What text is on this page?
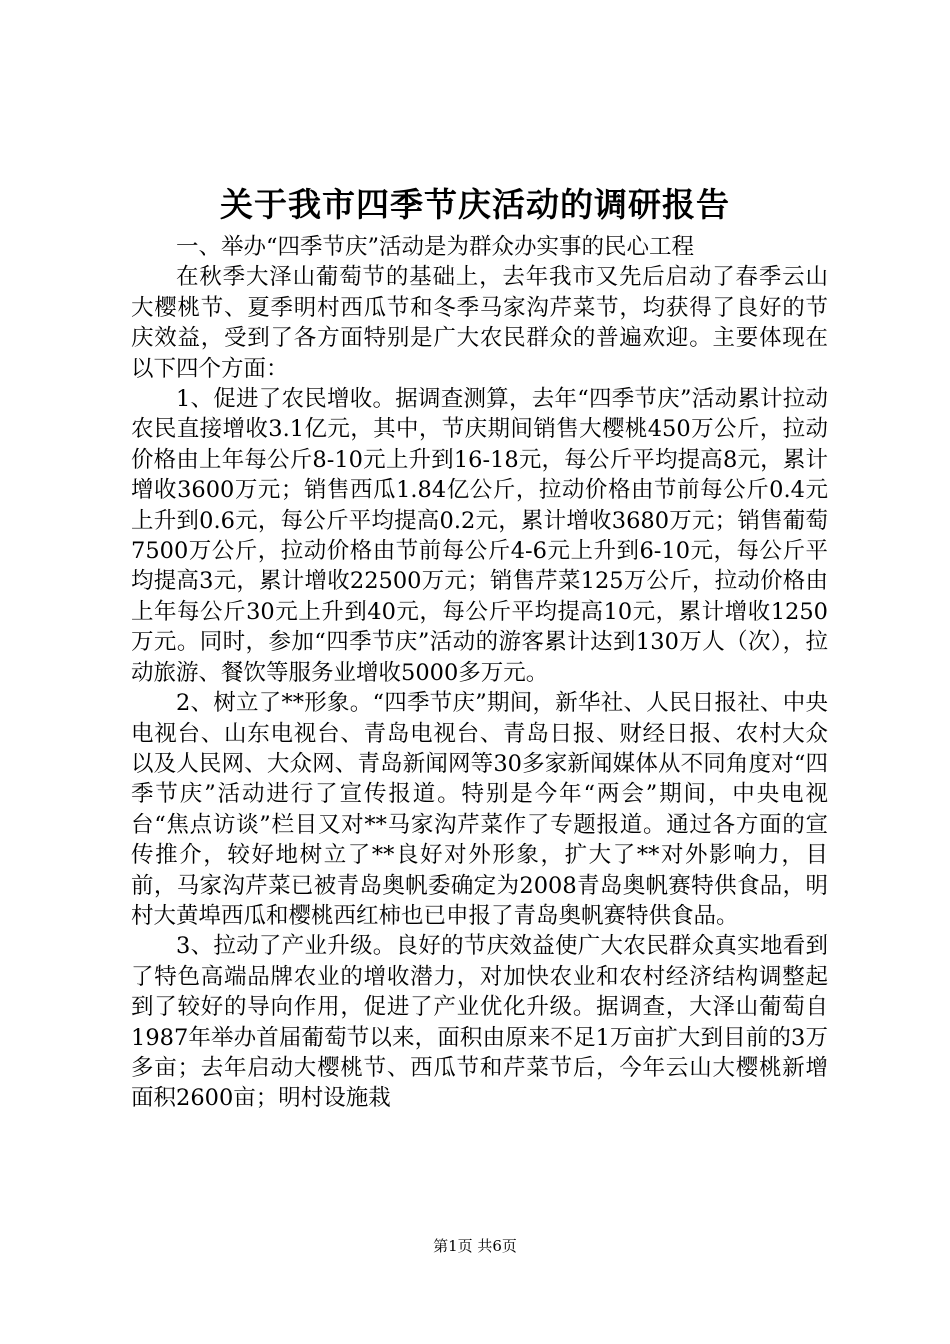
关于我市四季节庆活动的调研报告

一、举办“四季节庆”活动是为群众办实事的民心工程

在秋季大泽山葡萄节的基础上，去年我市又先后启动了春季云山大樱桃节、夏季明村西瓜节和冬季马家沟芹菜节，均获得了良好的节庆效益，受到了各方面特别是广大农民群众的普遍欢迎。主要体现在以下四个方面：

1、促进了农民增收。据调查测算，去年“四季节庆”活动累计拉动农民直接增收3.1亿元，其中，节庆期间销售大樱桃450万公斤，拉动价格由上年每公斤8-10元上升到16-18元，每公斤平均提高8元，累计增收3600万元；销售西瓜1.84亿公斤，拉动价格由节前每公斤0.4元上升到0.6元，每公斤平均提高0.2元，累计增收3680万元；销售葡萄7500万公斤，拉动价格由节前每公斤4-6元上升到6-10元，每公斤平均提高3元，累计增收22500万元；销售芹菜125万公斤，拉动价格由上年每公斤30元上升到40元，每公斤平均提高10元，累计增收1250万元。同时，参加“四季节庆”活动的游客累计达到130万人（次），拉动旅游、餐饮等服务业增收5000多万元。

2、树立了**形象。“四季节庆”期间，新华社、人民日报社、中央电视台、山东电视台、青岛电视台、青岛日报、财经日报、农村大众以及人民网、大众网、青岛新闻网等30多家新闻媒体从不同角度对“四季节庆”活动进行了宣传报道。特别是今年“两会”期间，中央电视台“焦点访谈”栏目又对**马家沟芹菜作了专题报道。通过各方面的宣传推介，较好地树立了**良好对外形象，扩大了**对外影响力，目前，马家沟芹菜已被青岛奥帆委确定为2008青岛奥帆赛特供食品，明村大黄埠西瓜和樱桃西红柿也已申报了青岛奥帆赛特供食品。

3、拉动了产业升级。良好的节庆效益使广大农民群众真实地看到了特色高端品牌农业的增收潜力，对加快农业和农村经济结构调整起到了较好的导向作用，促进了产业优化升级。据调查，大泽山葡萄自1987年举办首届葡萄节以来，面积由原来不足1万亩扩大到目前的3万多亩；去年启动大樱桃节、西瓜节和芹菜节后，今年云山大樱桃新增面积2600亩；明村设施栽

第1页 共6页
